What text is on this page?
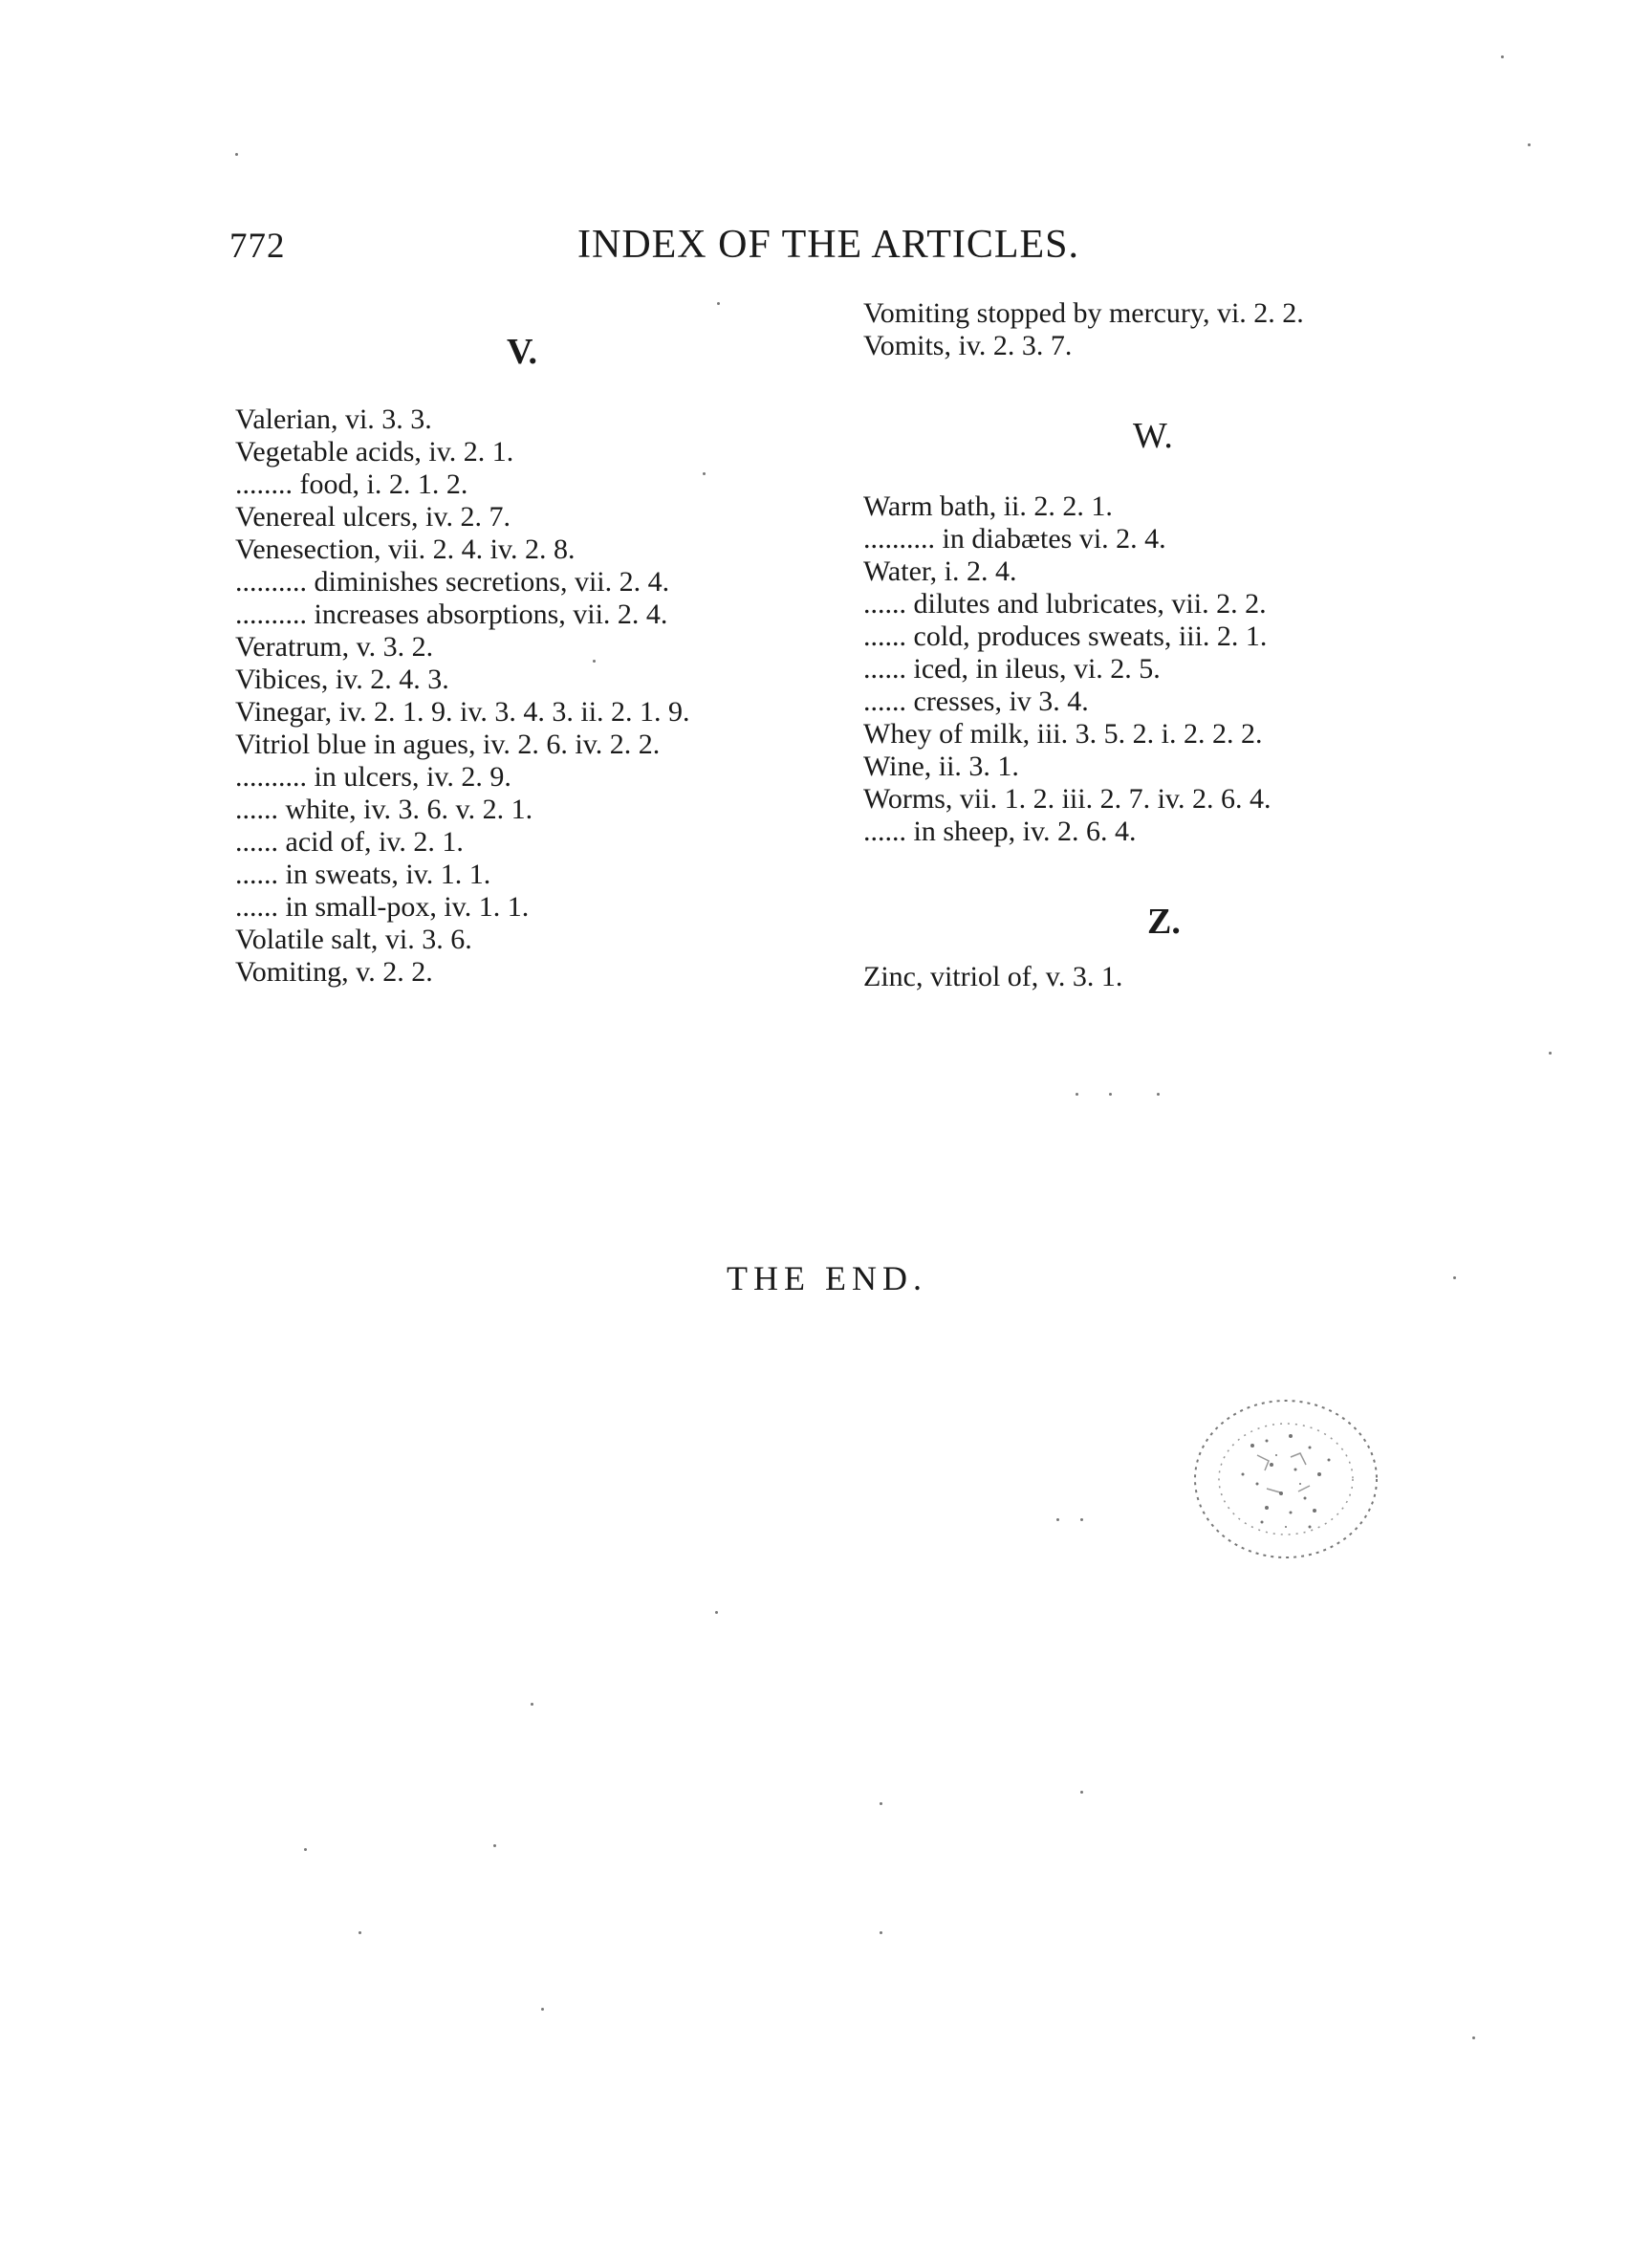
772	INDEX OF THE ARTICLES.
V.
Valerian, vi. 3. 3.
Vegetable acids, iv. 2. 1.
........ food, i. 2. 1. 2.
Venereal ulcers, iv. 2. 7.
Venesection, vii. 2. 4. iv. 2. 8.
.......... diminishes secretions, vii. 2. 4.
.......... increases absorptions, vii. 2. 4.
Veratrum, v. 3. 2.
Vibices, iv. 2. 4. 3.
Vinegar, iv. 2. 1. 9. iv. 3. 4. 3. ii. 2. 1. 9.
Vitriol blue in agues, iv. 2. 6. iv. 2. 2.
.......... in ulcers, iv. 2. 9.
...... white, iv. 3. 6. v. 2. 1.
...... acid of, iv. 2. 1.
...... in sweats, iv. 1. 1.
...... in small-pox, iv. 1. 1.
Volatile salt, vi. 3. 6.
Vomiting, v. 2. 2.
Vomiting stopped by mercury, vi. 2. 2.
Vomits, iv. 2. 3. 7.
W.
Warm bath, ii. 2. 2. 1.
.......... in diabætes vi. 2. 4.
Water, i. 2. 4.
...... dilutes and lubricates, vii. 2. 2.
...... cold, produces sweats, iii. 2. 1.
...... iced, in ileus, vi. 2. 5.
...... cresses, iv 3. 4.
Whey of milk, iii. 3. 5. 2. i. 2. 2. 2.
Wine, ii. 3. 1.
Worms, vii. 1. 2. iii. 2. 7. iv. 2. 6. 4.
...... in sheep, iv. 2. 6. 4.
Z.
Zinc, vitriol of, v. 3. 1.
THE END.
